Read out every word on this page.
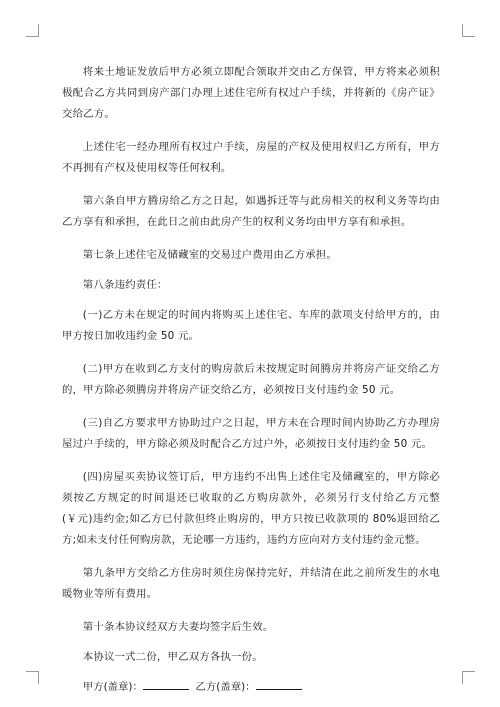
将来土地证发放后甲方必须立即配合领取并交由乙方保管，甲方将来必须积极配合乙方共同到房产部门办理上述住宅所有权过户手续，并将新的《房产证》交给乙方。

上述住宅一经办理所有权过户手续，房屋的产权及使用权归乙方所有，甲方不再拥有产权及使用权等任何权利。

第六条自甲方腾房给乙方之日起，如遇拆迁等与此房相关的权利义务等均由乙方享有和承担，在此日之前由此房产生的权利义务均由甲方享有和承担。

第七条上述住宅及储藏室的交易过户费用由乙方承担。

第八条违约责任：

(一)乙方未在规定的时间内将购买上述住宅、车库的款项支付给甲方的，由甲方按日加收违约金 50 元。

(二)甲方在收到乙方支付的购房款后未按规定时间腾房并将房产证交给乙方的，甲方除必须腾房并将房产证交给乙方，必须按日支付违约金 50 元。

(三)自乙方要求甲方协助过户之日起，甲方未在合理时间内协助乙方办理房屋过户手续的，甲方除必须及时配合乙方过户外，必须按日支付违约金 50 元。

(四)房屋买卖协议签订后，甲方违约不出售上述住宅及储藏室的，甲方除必须按乙方规定的时间退还已收取的乙方购房款外，必须另行支付给乙方元整(￥元)违约金;如乙方已付款但终止购房的，甲方只按已收款项的 80%退回给乙方;如未支付任何购房款，无论哪一方违约，违约方应向对方支付违约金元整。

第九条甲方交给乙方住房时须住房保持完好，并结清在此之前所发生的水电暖物业等所有费用。

第十条本协议经双方夫妻均签字后生效。

本协议一式二份，甲乙双方各执一份。

甲方(盖章)：	乙方(盖章)：
